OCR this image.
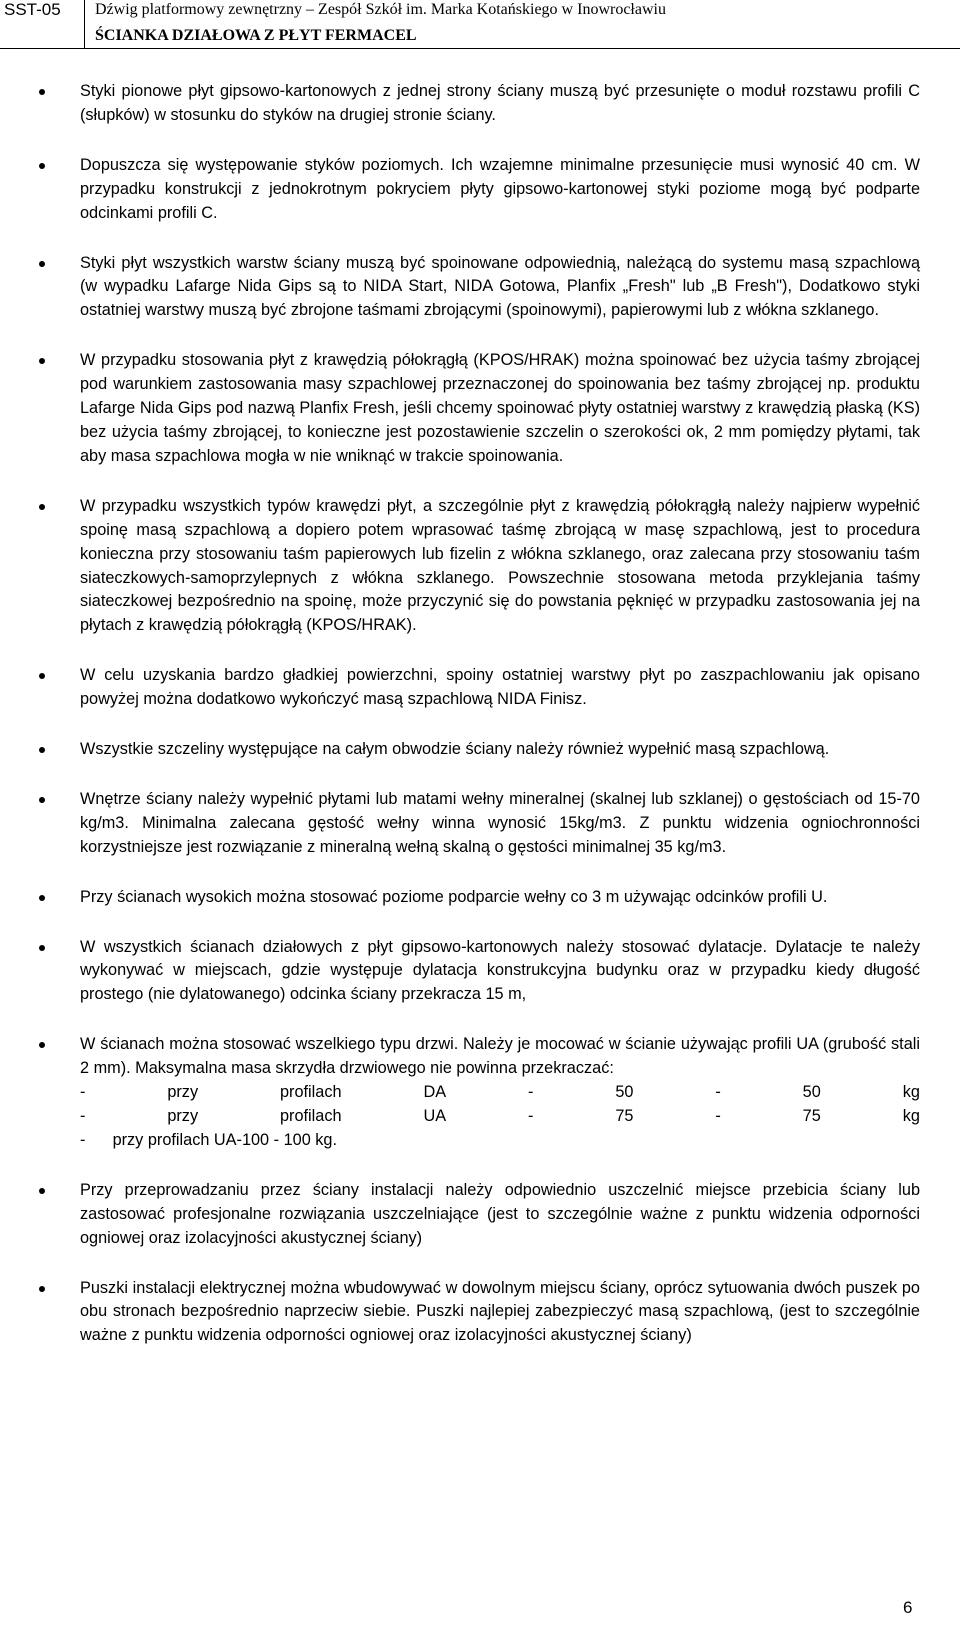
SST-05 Dźwig platformowy zewnętrzny – Zespół Szkół im. Marka Kotańskiego w Inowrocławiu
ŚCIANKA DZIAŁOWA Z PŁYT FERMACEL
Styki pionowe płyt gipsowo-kartonowych z jednej strony ściany muszą być przesunięte o moduł rozstawu profili C (słupków) w stosunku do styków na drugiej stronie ściany.
Dopuszcza się występowanie styków poziomych. Ich wzajemne minimalne przesunięcie musi wynosić 40 cm. W przypadku konstrukcji z jednokrotnym pokryciem płyty gipsowo-kartonowej styki poziome mogą być podparte odcinkami profili C.
Styki płyt wszystkich warstw ściany muszą być spoinowane odpowiednią, należącą do systemu masą szpachlową (w wypadku Lafarge Nida Gips są to NIDA Start, NIDA Gotowa, Planfix „Fresh" lub „B Fresh"), Dodatkowo styki ostatniej warstwy muszą być zbrojone taśmami zbrojącymi (spoinowymi), papierowymi lub z włókna szklanego.
W przypadku stosowania płyt z krawędzią półokrągłą (KPOS/HRAK) można spoinować bez użycia taśmy zbrojącej pod warunkiem zastosowania masy szpachlowej przeznaczonej do spoinowania bez taśmy zbrojącej np. produktu Lafarge Nida Gips pod nazwą Planfix Fresh, jeśli chcemy spoinować płyty ostatniej warstwy z krawędzią płaską (KS) bez użycia taśmy zbrojącej, to konieczne jest pozostawienie szczelin o szerokości ok, 2 mm pomiędzy płytami, tak aby masa szpachlowa mogła w nie wniknąć w trakcie spoinowania.
W przypadku wszystkich typów krawędzi płyt, a szczególnie płyt z krawędzią półokrągłą należy najpierw wypełnić spoinę masą szpachlową a dopiero potem wprasować taśmę zbrojącą w masę szpachlową, jest to procedura konieczna przy stosowaniu taśm papierowych lub fizelin z włókna szklanego, oraz zalecana przy stosowaniu taśm siateczkowych-samoprzylepnych z włókna szklanego. Powszechnie stosowana metoda przyklejania taśmy siateczkowej bezpośrednio na spoinę, może przyczynić się do powstania pęknięć w przypadku zastosowania jej na płytach z krawędzią półokrągłą (KPOS/HRAK).
W celu uzyskania bardzo gładkiej powierzchni, spoiny ostatniej warstwy płyt po zaszpachlowaniu jak opisano powyżej można dodatkowo wykończyć masą szpachlową NIDA Finisz.
Wszystkie szczeliny występujące na całym obwodzie ściany należy również wypełnić masą szpachlową.
Wnętrze ściany należy wypełnić płytami lub matami wełny mineralnej (skalnej lub szklanej) o gęstościach od 15-70 kg/m3. Minimalna zalecana gęstość wełny winna wynosić 15kg/m3. Z punktu widzenia ogniochronności korzystniejsze jest rozwiązanie z mineralną wełną skalną o gęstości minimalnej 35 kg/m3.
Przy ścianach wysokich można stosować poziome podparcie wełny co 3 m używając odcinków profili U.
W wszystkich ścianach działowych z płyt gipsowo-kartonowych należy stosować dylatacje. Dylatacje te należy wykonywać w miejscach, gdzie występuje dylatacja konstrukcyjna budynku oraz w przypadku kiedy długość prostego (nie dylatowanego) odcinka ściany przekracza 15 m,
W ścianach można stosować wszelkiego typu drzwi. Należy je mocować w ścianie używając profili UA (grubość stali 2 mm). Maksymalna masa skrzydła drzwiowego nie powinna przekraczać:
-	przy	profilach	DA	-	50	-	50	kg
-	przy	profilach	UA	-	75	-	75	kg
-      przy profilach UA-100 - 100 kg.
Przy przeprowadzaniu przez ściany instalacji należy odpowiednio uszczelnić miejsce przebicia ściany lub zastosować profesjonalne rozwiązania uszczelniające (jest to szczególnie ważne z punktu widzenia odporności ogniowej oraz izolacyjności akustycznej ściany)
Puszki instalacji elektrycznej można wbudowywać w dowolnym miejscu ściany, oprócz sytuowania dwóch puszek po obu stronach bezpośrednio naprzeciw siebie. Puszki najlepiej zabezpieczyć masą szpachlową, (jest to szczególnie ważne z punktu widzenia odporności ogniowej oraz izolacyjności akustycznej ściany)
6
